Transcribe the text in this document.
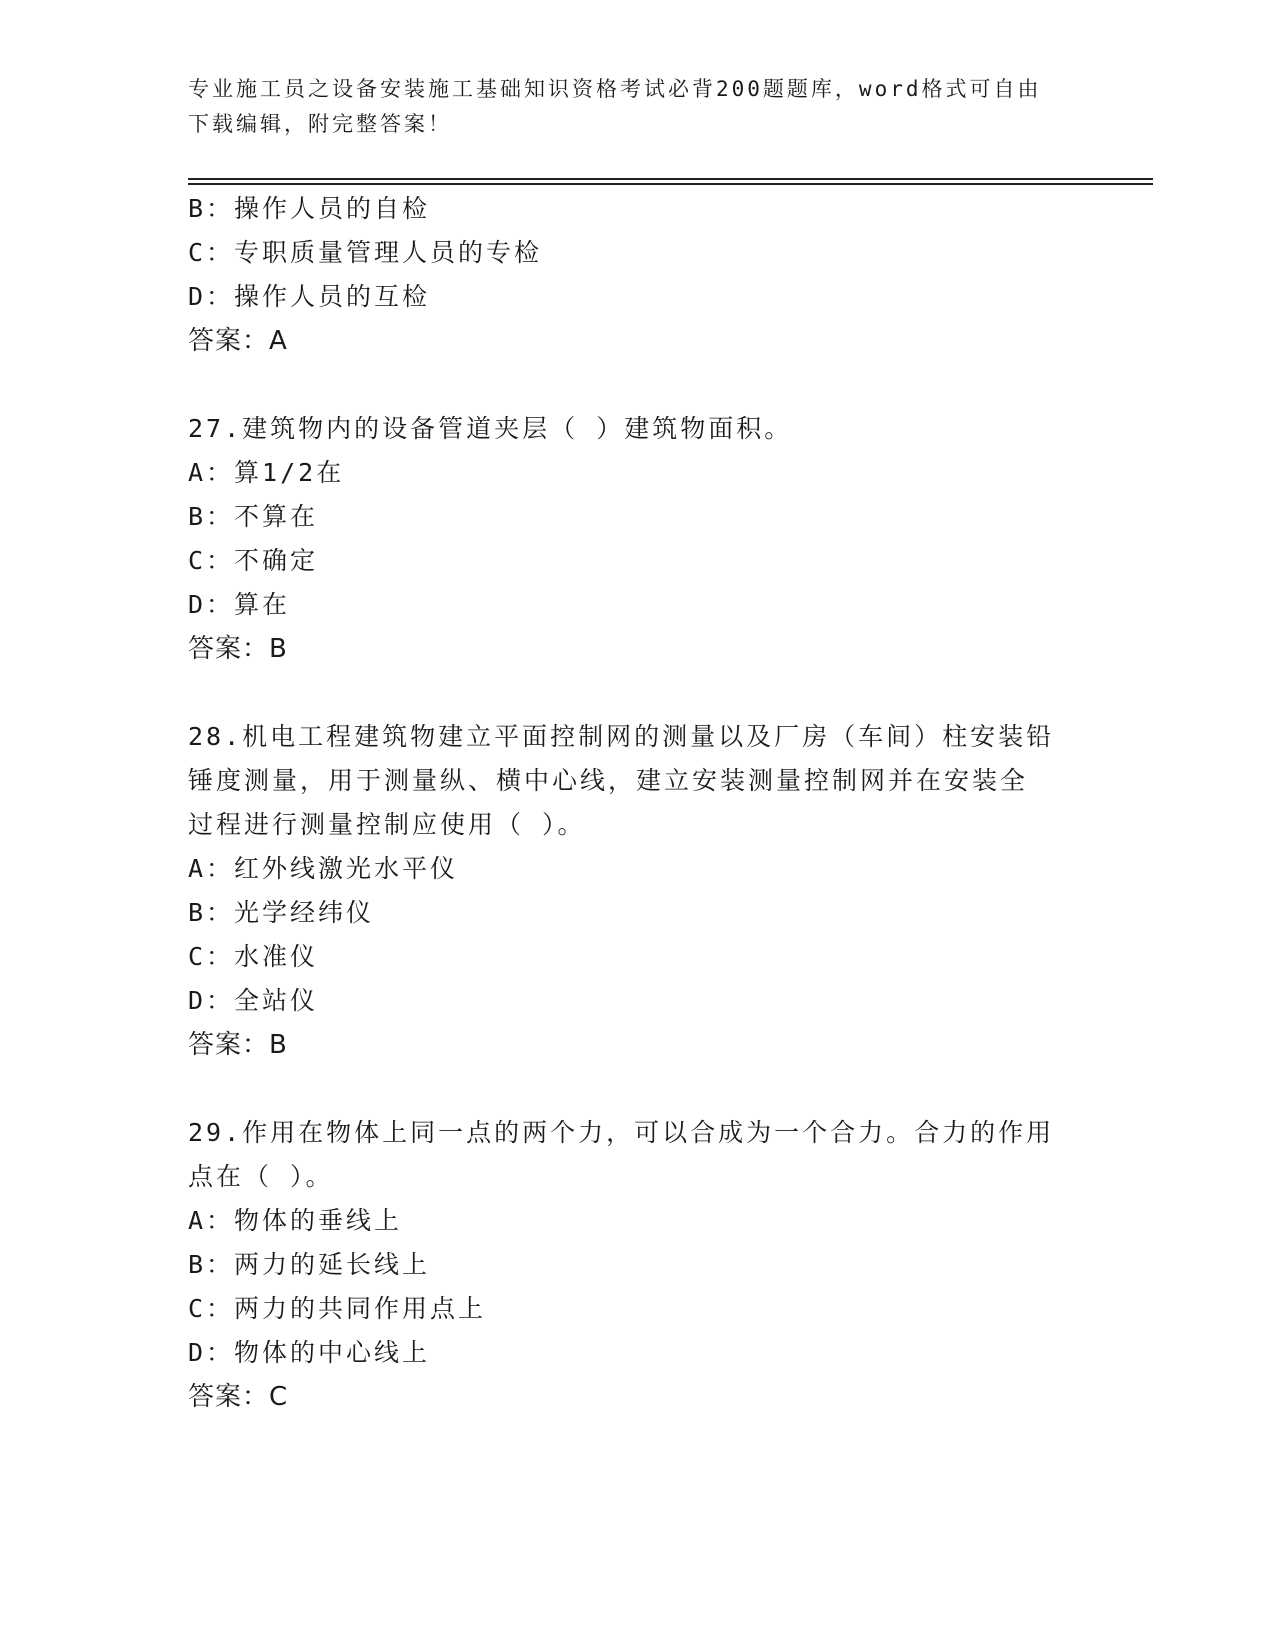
专业施工员之设备安装施工基础知识资格考试必背200题题库，word格式可自由
下载编辑，附完整答案！
B：操作人员的自检
C：专职质量管理人员的专检
D：操作人员的互检
答案：A
27.建筑物内的设备管道夹层（ ）建筑物面积。
A：算1/2在
B：不算在
C：不确定
D：算在
答案：B
28.机电工程建筑物建立平面控制网的测量以及厂房（车间）柱安装铅
锤度测量，用于测量纵、横中心线，建立安装测量控制网并在安装全
过程进行测量控制应使用（ ）。
A：红外线激光水平仪
B：光学经纬仪
C：水准仪
D：全站仪
答案：B
29.作用在物体上同一点的两个力，可以合成为一个合力。合力的作用
点在（ ）。
A：物体的垂线上
B：两力的延长线上
C：两力的共同作用点上
D：物体的中心线上
答案：C
